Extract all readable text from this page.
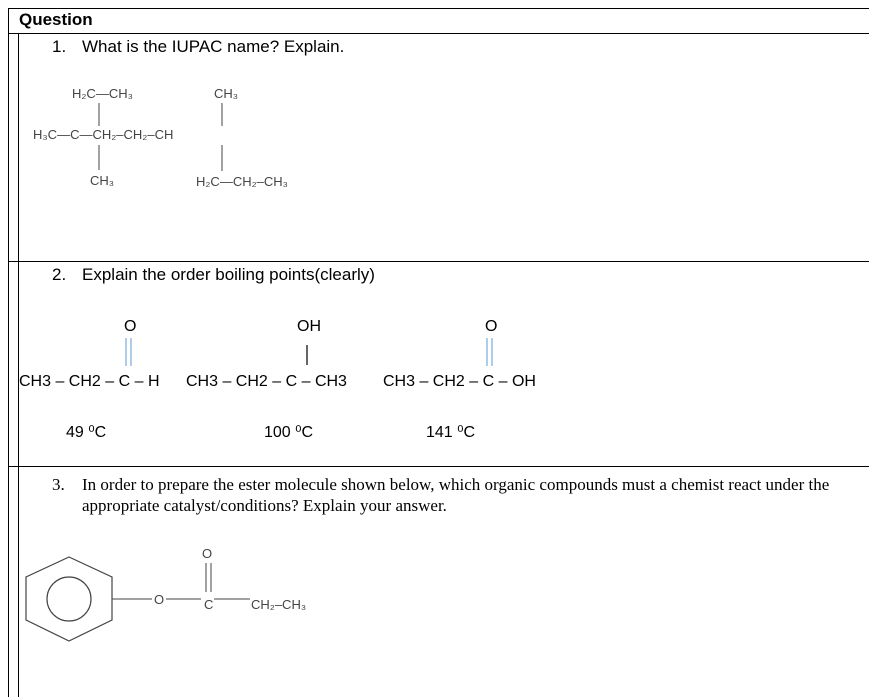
Question
1. What is the IUPAC name? Explain.
2. Explain the order boiling points(clearly)
3. In order to prepare the ester molecule shown below, which organic compounds must a chemist react under the appropriate catalyst/conditions? Explain your answer.
H₂C—CH₃	CH₃
H₃C—C—CH₂–CH₂–CH
CH₃	H₂C—CH₂–CH₃
O
CH3 – CH2 – C – H
49 ⁰C
OH
CH3 – CH2 – C – CH3
100 ⁰C
O
CH3 – CH2 – C – OH
141 ⁰C
O
O
C	CH₂–CH₃
